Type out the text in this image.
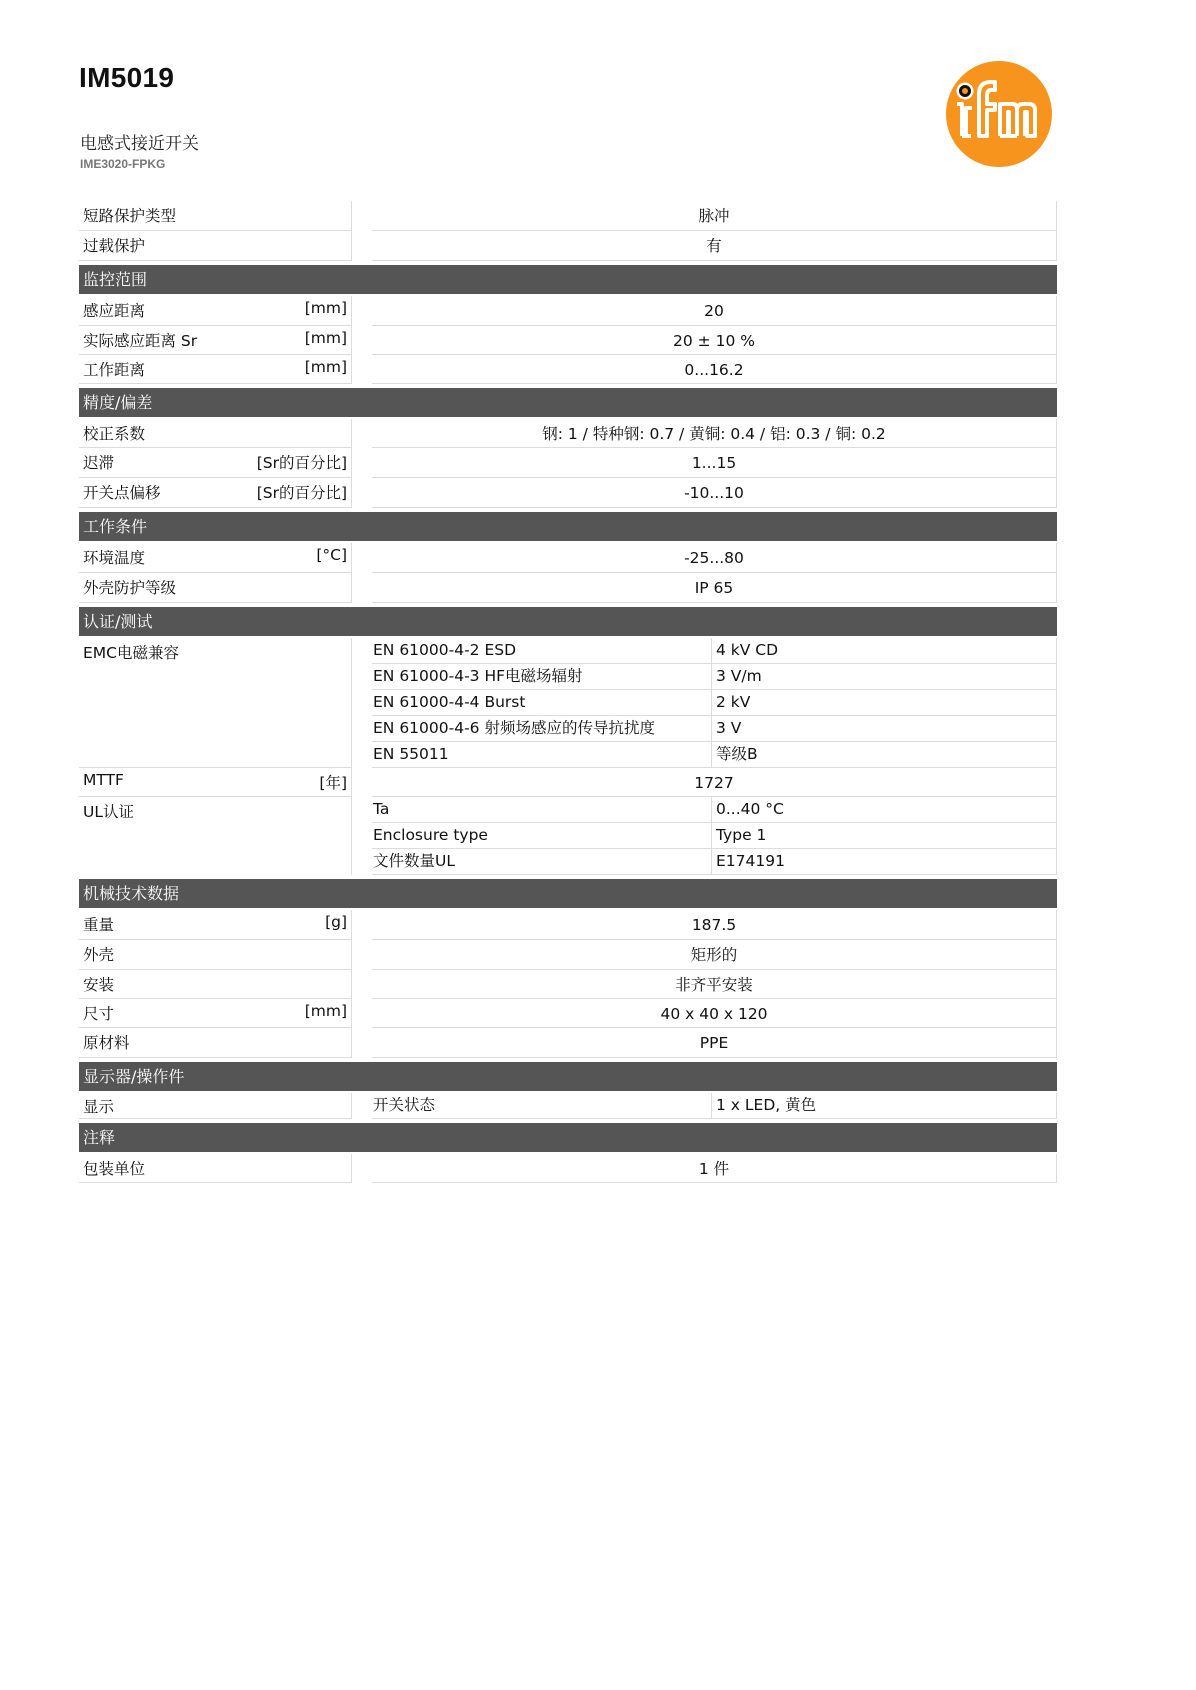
IM5019
电感式接近开关
IME3020-FPKG
短路保护类型	脉冲
过载保护	有
监控范围
感应距离	[mm]	20
实际感应距离 Sr	[mm]	20 ± 10 %
工作距离	[mm]	0...16.2
精度/偏差
校正系数	钢: 1 / 特种钢: 0.7 / 黄铜: 0.4 / 铝: 0.3 / 铜: 0.2
迟滞	[Sr的百分比]	1...15
开关点偏移	[Sr的百分比]	-10...10
工作条件
环境温度	[°C]	-25...80
外壳防护等级	IP 65
认证/测试
EMC电磁兼容	EN 61000-4-2 ESD	4 kV CD
EN 61000-4-3 HF电磁场辐射	3 V/m
EN 61000-4-4 Burst	2 kV
EN 61000-4-6 射频场感应的传导抗扰度	3 V
EN 55011	等级B
MTTF	[年]	1727
UL认证	Ta	0...40 °C
Enclosure type	Type 1
文件数量UL	E174191
机械技术数据
重量	[g]	187.5
外壳	矩形的
安装	非齐平安装
尺寸	[mm]	40 x 40 x 120
原材料	PPE
显示器/操作件
显示	开关状态	1 x LED, 黄色
注释
包装单位	1 件
